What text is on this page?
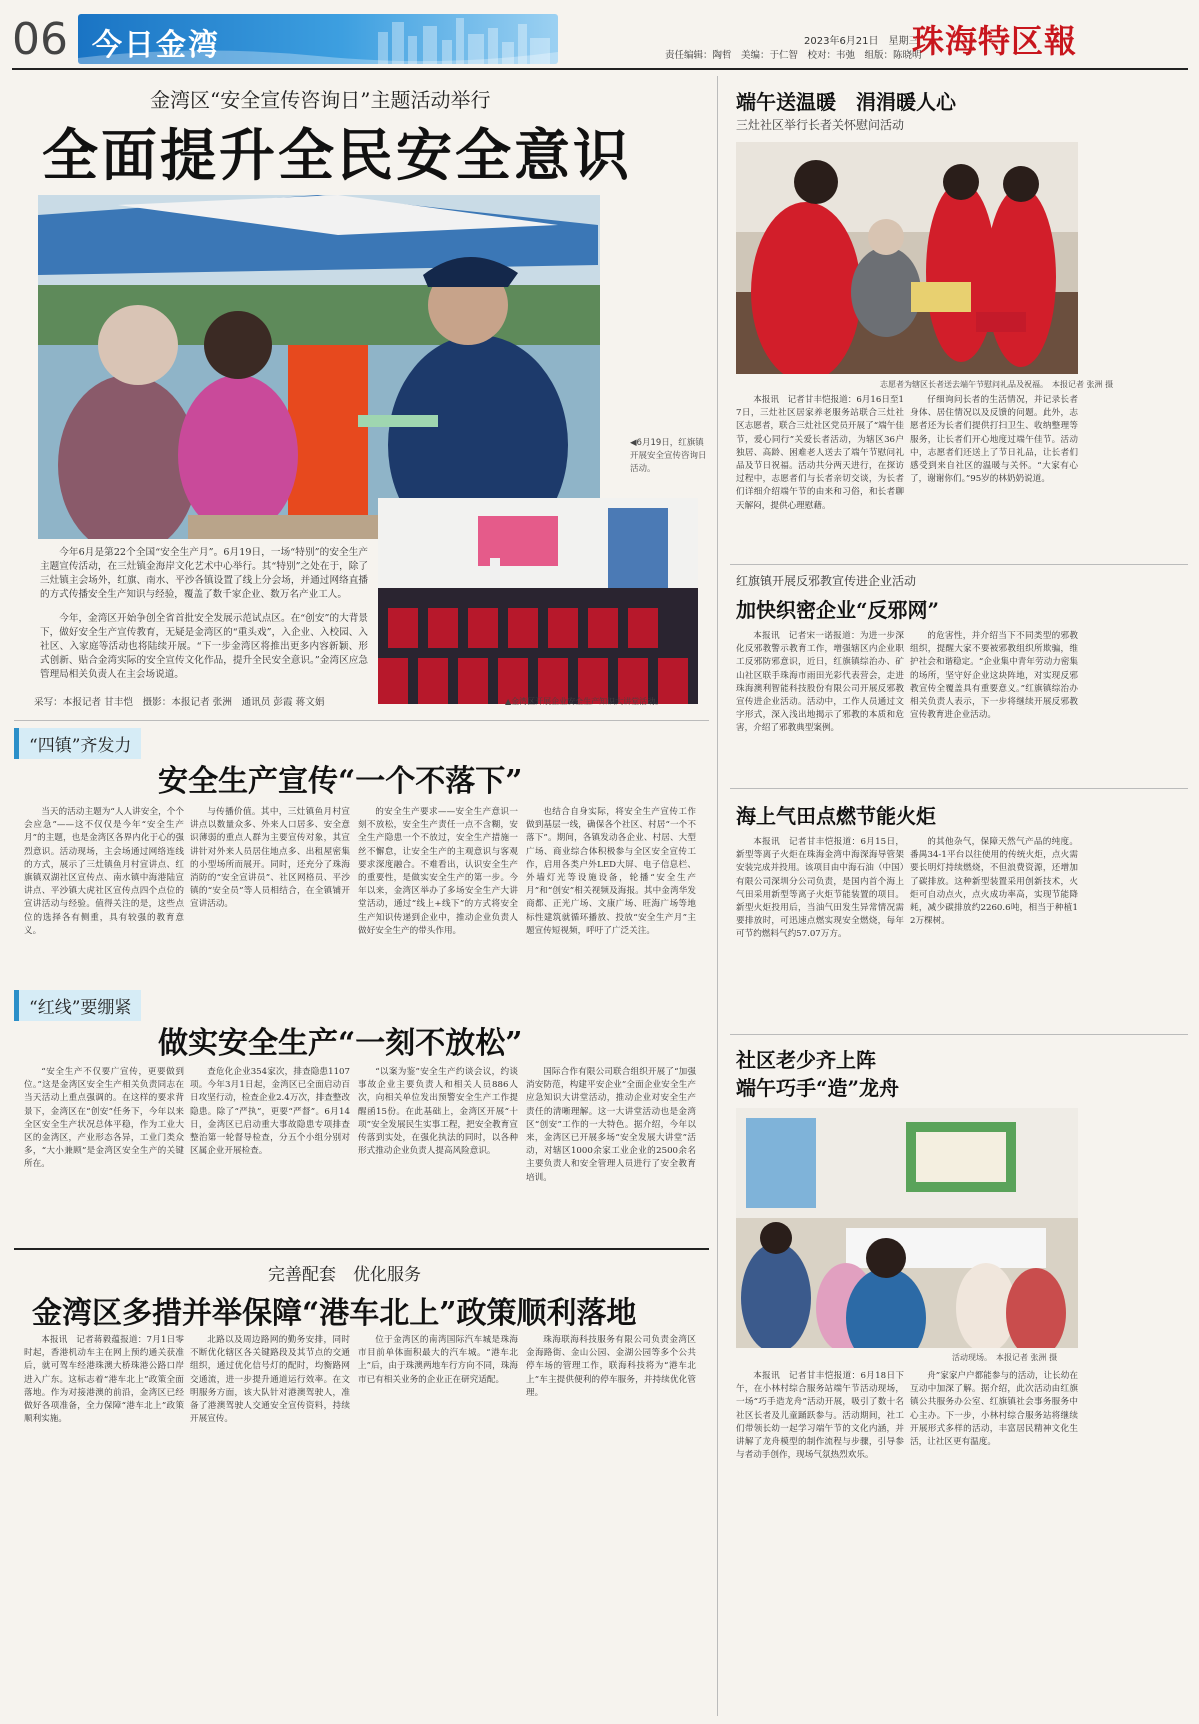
06 今日金湾	2023年6月21日　 星期三
责任编辑：陶哲　美编：于仁智　校对：韦弛　组版：陈晓明
珠海特区報
金湾区“安全宣传咨询日”主题活动举行
全面提升全民安全意识
◀6月19日，红旗镇开展安全宣传咨询日活动。
▲金湾区开展企业安全生产知识大讲堂活动。

今年6月是第22个全国“安全生产月”。6月19日，一场“特别”的安全生产主题宣传活动，在三灶镇金海岸文化艺术中心举行。其“特别”之处在于，除了三灶镇主会场外，红旗、南水、平沙各镇设置了线上分会场，并通过网络直播的方式传播安全生产知识与经验，覆盖了数千家企业、数万名产业工人。

今年，金湾区开始争创全省首批安全发展示范试点区。在“创安”的大背景下，做好安全生产宣传教育，无疑是金湾区的“重头戏”，入企业、入校园、入社区、入家庭等活动也将陆续开展。“下一步金湾区将推出更多内容新颖、形式创新、贴合金湾实际的安全宣传文化作品，提升全民安全意识。”金湾区应急管理局相关负责人在主会场说道。

采写：本报记者 甘丰恺　摄影：本报记者 张洲　通讯员 彭霞 蒋文娟
“四镇”齐发力
安全生产宣传“一个不落下”

当天的活动主题为“人人讲安全，个个会应急”——这不仅仅是今年“安全生产月”的主题，也是金湾区各界内化于心的强烈意识。活动现场，主会场通过网络连线的方式，展示了三灶镇鱼月村宣讲点、红旗镇双湖社区宣传点、南水镇中海港陆宣讲点、平沙镇大虎社区宣传点四个点位的宣讲活动与经验。值得关注的是，这些点位的选择各有侧重，具有较强的教育意义。

与传播价值。其中，三灶镇鱼月村宣讲点以数量众多、外来人口居多、安全意识薄弱的重点人群为主要宣传对象，其宣讲针对外来人员居住地点多、出租屋密集的小型场所而展开。同时，还充分了珠海消防的“安全宣讲员”、社区网格员、平沙镇的“安全员”等人员相结合，在全镇铺开宣讲活动。

的安全生产要求——安全生产意识一刻不放松，安全生产责任一点不含糊，安全生产隐患一个不放过，安全生产措施一丝不懈怠，让安全生产的主观意识与客观要求深度融合。不难看出，认识安全生产的重要性，是做实安全生产的第一步。今年以来，金湾区举办了多场安全生产大讲堂活动，通过“线上+线下”的方式将安全生产知识传递到企业中，推动企业负责人做好安全生产的带头作用。

也结合自身实际，将安全生产宣传工作做到基层一线，确保各个社区、村居“一个不落下”。期间，各镇发动各企业、村居、大型广场、商业综合体积极参与全区安全宣传工作，启用各类户外LED大屏、电子信息栏、外墙灯光等设施设备，轮播“安全生产月”和“创安”相关视频及海报。其中金湾华发商都、正光广场、文康广场、旺海广场等地标性建筑就循环播放、投放“安全生产月”主题宣传短视频，呼吁了广泛关注。

“红线”要绷紧
做实安全生产“一刻不放松”

“安全生产不仅要广宣传，更要做到位。”这是金湾区安全生产相关负责同志在当天活动上重点强调的。在这样的要求背景下，金湾区在“创安”任务下，今年以来全区安全生产状况总体平稳，作为工业大区的金湾区，产业形态各异，工业门类众多，“大小兼顾”是金湾区安全生产的关键所在。

查危化企业354家次，排查隐患1107项。今年3月1日起，金湾区已全面启动百日攻坚行动，检查企业2.4万次，排查整改隐患。除了“严执”，更要“严督”。6月14日，金湾区已启动重大事故隐患专项排查整治第一轮督导检查，分五个小组分别对区属企业开展检查。

“以案为鉴”安全生产约谈会议，约谈事故企业主要负责人和相关人员886人次，向相关单位发出预警安全生产工作提醒函15份。在此基础上，金湾区开展“十项”安全发展民生实事工程，把安全教育宣传落到实处，在强化执法的同时，以各种形式推动企业负责人提高风险意识。

国际合作有限公司联合组织开展了“加强消安防范，构建平安企业”全面企业安全生产应急知识大讲堂活动，推动企业对安全生产责任的清晰理解。这一大讲堂活动也是金湾区“创安”工作的一大特色。据介绍，今年以来，金湾区已开展多场“安全发展大讲堂”活动，对辖区1000余家工业企业的2500余名主要负责人和安全管理人员进行了安全教育培训。

完善配套　优化服务
金湾区多措并举保障“港车北上”政策顺利落地

本报讯　记者蒋毅蕴报道：7月1日零时起，香港机动车主在网上预约通关获准后，就可驾车经港珠澳大桥珠港公路口岸进入广东。这标志着“港车北上”政策全面落地。作为对接港澳的前沿，金湾区已经做好各项准备，全力保障“港车北上”政策顺利实施。

北路以及周边路网的勤务安排，同时不断优化辖区各关键路段及其节点的交通组织，通过优化信号灯的配时，均衡路网交通流，进一步提升通道运行效率。在文明服务方面，该大队针对港澳驾驶人，准备了港澳驾驶人交通安全宣传资料，持续开展宣传。

位于金湾区的南湾国际汽车城是珠海市目前单体面积最大的汽车城。“港车北上”后，由于珠澳两地车行方向不同，珠海市已有相关业务的企业正在研究适配。

珠海联海科技服务有限公司负责金湾区金海路街、金山公园、金湖公园等多个公共停车场的管理工作，联海科技将为“港车北上”车主提供便利的停车服务，并持续优化管理。

端午送温暖　涓涓暖人心
三灶社区举行长者关怀慰问活动
志愿者为辖区长者送去端午节慰问礼品及祝福。　本报记者 张洲 摄

本报讯　记者甘丰恺报道：6月16日至17日，三灶社区居家养老服务站联合三灶社区志愿者，联合三灶社区党员开展了“端午佳节，爱心同行”关爱长者活动，为辖区36户独居、高龄、困难老人送去了端午节慰问礼品及节日祝福。活动共分两天进行，在探访过程中，志愿者们与长者亲切交谈，为长者们详细介绍端午节的由来和习俗，和长者聊天解闷，提供心理慰藉。

仔细询问长者的生活情况，并记录长者身体、居住情况以及反馈的问题。此外，志愿者还为长者们提供打扫卫生、收纳整理等服务，让长者们开心地度过端午佳节。活动中，志愿者们还送上了节日礼品，让长者们感受到来自社区的温暖与关怀。“大家有心了，谢谢你们。”95岁的林奶奶说道。

红旗镇开展反邪教宣传进企业活动
加快织密企业“反邪网”

本报讯　记者宋一诺报道：为进一步深化反邪教警示教育工作，增强辖区内企业职工反邪防邪意识，近日，红旗镇综治办、矿山社区联手珠海市雨田光彩代表营会，走进珠海澳利智能科技股份有限公司开展反邪教宣传进企业活动。活动中，工作人员通过文字形式，深入浅出地揭示了邪教的本质和危害，介绍了邪教典型案例。

的危害性，并介绍当下不同类型的邪教组织，提醒大家不要被邪教组织所欺骗，维护社会和谐稳定。“企业集中青年劳动力密集的场所，坚守好企业这块阵地，对实现反邪教宣传全覆盖具有重要意义。”红旗镇综治办相关负责人表示，下一步将继续开展反邪教宣传教育进企业活动。

海上气田点燃节能火炬

本报讯　记者甘丰恺报道：6月15日，新型等离子火炬在珠海金湾中海深海导管架安装完成并投用。该项目由中海石油（中国）有限公司深圳分公司负责，是国内首个海上气田采用新型等离子火炬节能装置的项目。新型火炬投用后，当油气田发生异常情况需要排放时，可迅速点燃实现安全燃烧，每年可节约燃料气约57.07万方。

的其他杂气，保障天然气产品的纯度。番禺34-1平台以往使用的传统火炬，点火需要长明灯持续燃烧，不但浪费资源，还增加了碳排放。这种新型装置采用创新技术，火炬可自动点火，点火成功率高，实现节能降耗，减少碳排放约2260.6吨，相当于种植12万棵树。

社区老少齐上阵
端午巧手“造”龙舟
活动现场。　本报记者 张洲 摄

本报讯　记者甘丰恺报道：6月18日下午，在小林村综合服务站端午节活动现场，一场“巧手造龙舟”活动开展，吸引了数十名社区长者及儿童踊跃参与。活动期间，社工们带领长幼一起学习端午节的文化内涵，并讲解了龙舟模型的制作流程与步骤，引导参与者动手创作，现场气氛热烈欢乐。

舟”家家户户都能参与的活动，让长幼在互动中加深了解。据介绍，此次活动由红旗镇公共服务办公室、红旗镇社会事务服务中心主办。下一步，小林村综合服务站将继续开展形式多样的活动，丰富居民精神文化生活，让社区更有温度。
